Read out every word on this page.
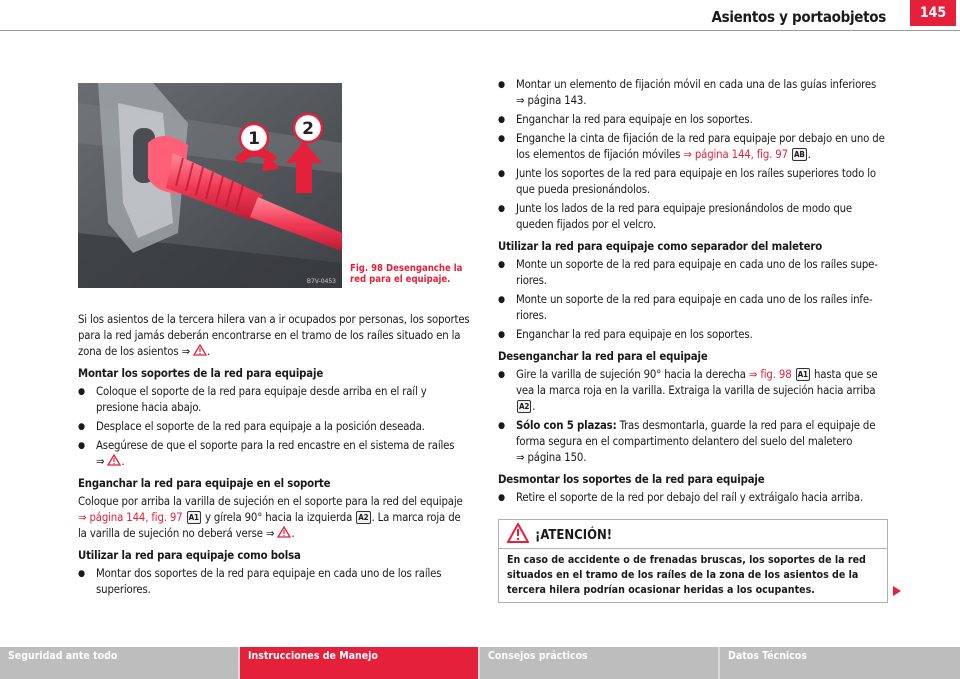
Asientos y portaobjetos	145
1 2
B7V-0453
Fig. 98 Desenganche la
red para el equipaje.

Si los asientos de la tercera hilera van a ir ocupados por personas, los soportes para la red jamás deberán encontrarse en el tramo de los raíles situado en la zona de los asientos ⇒ .

Montar los soportes de la red para equipaje

● Coloque el soporte de la red para equipaje desde arriba en el raíl y presione hacia abajo.

● Desplace el soporte de la red para equipaje a la posición deseada.

● Asegúrese de que el soporte para la red encastre en el sistema de raíles
⇒ .

Enganchar la red para equipaje en el soporte

Coloque por arriba la varilla de sujeción en el soporte para la red del equipaje ⇒ página 144, fig. 97 A1 y gírela 90° hacia la izquierda A2 . La marca roja de la varilla de sujeción no deberá verse ⇒ .

Utilizar la red para equipaje como bolsa

● Montar dos soportes de la red para equipaje en cada uno de los raíles superiores.

● Montar un elemento de fijación móvil en cada una de las guías inferiores
⇒ página 143.

● Enganchar la red para equipaje en los soportes.

● Enganche la cinta de fijación de la red para equipaje por debajo en uno de los elementos de fijación móviles ⇒ página 144, fig. 97 AB .

● Junte los soportes de la red para equipaje en los raíles superiores todo lo que pueda presionándolos.

● Junte los lados de la red para equipaje presionándolos de modo que queden fijados por el velcro.

Utilizar la red para equipaje como separador del maletero

● Monte un soporte de la red para equipaje en cada uno de los raíles superiores.

● Monte un soporte de la red para equipaje en cada uno de los raíles inferiores.

● Enganchar la red para equipaje en los soportes.

Desenganchar la red para el equipaje

● Gire la varilla de sujeción 90° hacia la derecha ⇒ fig. 98 A1 hasta que se vea la marca roja en la varilla. Extraiga la varilla de sujeción hacia arriba A2 .

● Sólo con 5 plazas: Tras desmontarla, guarde la red para el equipaje de forma segura en el compartimento delantero del suelo del maletero
⇒ página 150.

Desmontar los soportes de la red para equipaje

● Retire el soporte de la red por debajo del raíl y extráigalo hacia arriba.

¡ATENCIÓN!
En caso de accidente o de frenadas bruscas, los soportes de la red situados en el tramo de los raíles de la zona de los asientos de la tercera hilera podrían ocasionar heridas a los ocupantes.
Seguridad ante todo	Instrucciones de Manejo	Consejos prácticos	Datos Técnicos
